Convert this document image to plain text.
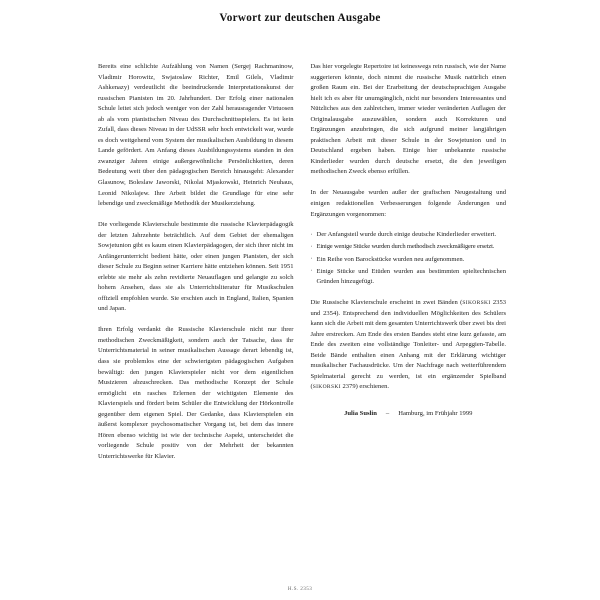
Vorwort zur deutschen Ausgabe

Bereits eine schlichte Aufzählung von Namen (Sergej Rachmaninow, Vladimir Horowitz, Swjatoslaw Richter, Emil Gilels, Vladimir Ashkenazy) verdeutlicht die beeindruckende Interpretationskunst der russischen Pianisten im 20. Jahrhundert. Der Erfolg einer nationalen Schule leitet sich jedoch weniger von der Zahl herausragender Virtuosen ab als vom pianistischen Niveau des Durchschnittsspielers. Es ist kein Zufall, dass dieses Niveau in der UdSSR sehr hoch entwickelt war, wurde es doch weitgehend vom System der musikalischen Ausbildung in diesem Lande gefördert. Am Anfang dieses Ausbildungssystems standen in den zwanziger Jahren einige außergewöhnliche Persönlichkeiten, deren Bedeutung weit über den pädagogischen Bereich hinausgeht: Alexander Glasunow, Boleslaw Jaworski, Nikolai Mjaskowski, Heinrich Neuhaus, Leonid Nikolajew. Ihre Arbeit bildet die Grundlage für eine sehr lebendige und zweckmäßige Methodik der Musikerziehung.

Die vorliegende Klavierschule bestimmte die russische Klavierpädagogik der letzten Jahrzehnte beträchtlich. Auf dem Gebiet der ehemaligen Sowjetunion gibt es kaum einen Klavierpädagogen, der sich ihrer nicht im Anfängerunterricht bedient hätte, oder einen jungen Pianisten, der sich dieser Schule zu Beginn seiner Karriere hätte entziehen können. Seit 1951 erlebte sie mehr als zehn revidierte Neuauflagen und gelangte zu solch hohem Ansehen, dass sie als Unterrichtsliteratur für Musikschulen offiziell empfohlen wurde. Sie erschien auch in England, Italien, Spanien und Japan.

Ihren Erfolg verdankt die Russische Klavierschule nicht nur ihrer methodischen Zweckmäßigkeit, sondern auch der Tatsache, dass ihr Unterrichtsmaterial in seiner musikalischen Aussage derart lebendig ist, dass sie problemlos eine der schwierigsten pädagogischen Aufgaben bewältigt: den jungen Klavierspieler nicht vor dem eigentlichen Musizieren abzuschrecken. Das methodische Konzept der Schule ermöglicht ein rasches Erlernen der wichtigsten Elemente des Klavierspiels und fördert beim Schüler die Entwicklung der Hörkontrolle gegenüber dem eigenen Spiel. Der Gedanke, dass Klavierspielen ein äußerst komplexer psychosomatischer Vorgang ist, bei dem das innere Hören ebenso wichtig ist wie der technische Aspekt, unterscheidet die vorliegende Schule positiv von der Mehrheit der bekannten Unterrichtswerke für Klavier.

Das hier vorgelegte Repertoire ist keineswegs rein russisch, wie der Name suggerieren könnte, doch nimmt die russische Musik natürlich einen großen Raum ein. Bei der Erarbeitung der deutschsprachigen Ausgabe hielt ich es aber für unumgänglich, nicht nur besonders Interessantes und Nützliches aus den zahlreichen, immer wieder veränderten Auflagen der Originalausgabe auszuwählen, sondern auch Korrekturen und Ergänzungen anzubringen, die sich aufgrund meiner langjährigen praktischen Arbeit mit dieser Schule in der Sowjetunion und in Deutschland ergeben haben. Einige hier unbekannte russische Kinderlieder wurden durch deutsche ersetzt, die den jeweiligen methodischen Zweck ebenso erfüllen.

In der Neuausgabe wurden außer der grafischen Neugestaltung und einigen redaktionellen Verbesserungen folgende Änderungen und Ergänzungen vorgenommen:

· Der Anfangsteil wurde durch einige deutsche Kinderlieder erweitert.
· Einige wenige Stücke wurden durch methodisch zweckmäßigere ersetzt.
· Ein Reihe von Barockstücke wurden neu aufgenommen.
· Einige Stücke und Etüden wurden aus bestimmten spieltechnischen Gründen hinzugefügt.

Die Russische Klavierschule erscheint in zwei Bänden (SIKORSKI 2353 und 2354). Entsprechend den individuellen Möglichkeiten des Schülers kann sich die Arbeit mit dem gesamten Unterrichtswerk über zwei bis drei Jahre erstrecken. Am Ende des ersten Bandes steht eine kurz gefasste, am Ende des zweiten eine vollständige Tonleiter- und Arpeggien-Tabelle. Beide Bände enthalten einen Anhang mit der Erklärung wichtiger musikalischer Fachausdrücke. Um der Nachfrage nach weiterführendem Spielmaterial gerecht zu werden, ist ein ergänzender Spielband (SIKORSKI 2379) erschienen.

Julia Suslin – Hamburg, im Frühjahr 1999
H.S. 2353
